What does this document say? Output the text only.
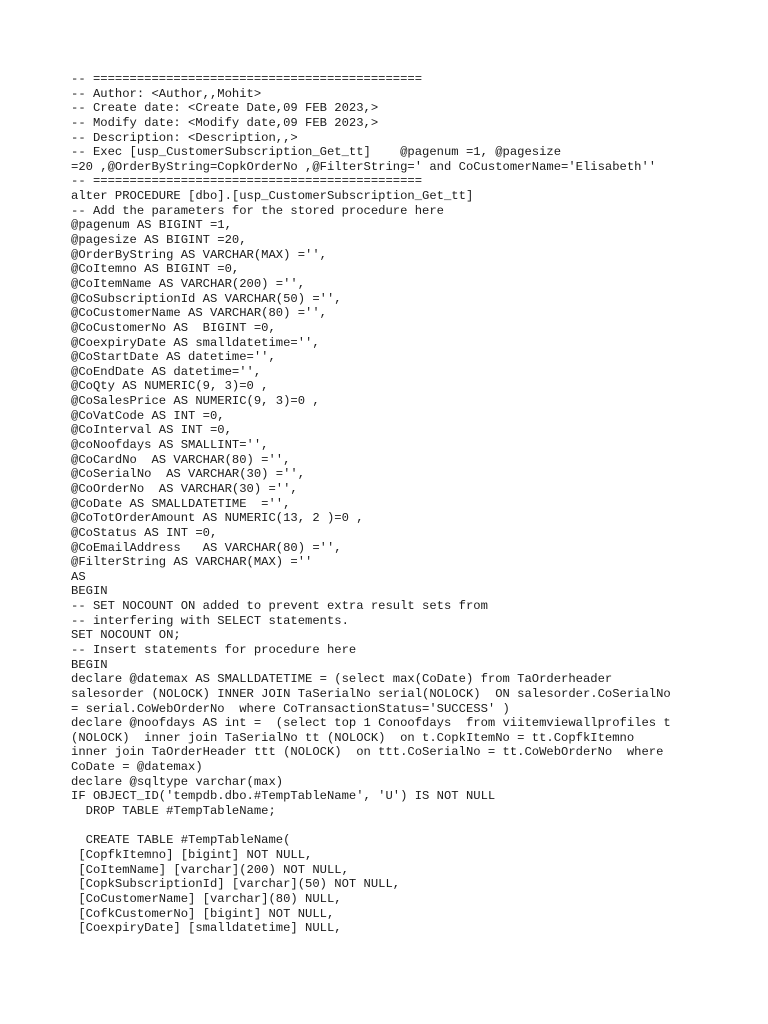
-- =============================================
-- Author: <Author,,Mohit>
-- Create date: <Create Date,09 FEB 2023,>
-- Modify date: <Modify date,09 FEB 2023,>
-- Description: <Description,,>
-- Exec [usp_CustomerSubscription_Get_tt]    @pagenum =1, @pagesize
=20 ,@OrderByString=CopkOrderNo ,@FilterString=' and CoCustomerName='Elisabeth''
-- =============================================
alter PROCEDURE [dbo].[usp_CustomerSubscription_Get_tt]
-- Add the parameters for the stored procedure here
@pagenum AS BIGINT =1,
@pagesize AS BIGINT =20,
@OrderByString AS VARCHAR(MAX) ='',
@CoItemno AS BIGINT =0,
@CoItemName AS VARCHAR(200) ='',
@CoSubscriptionId AS VARCHAR(50) ='',
@CoCustomerName AS VARCHAR(80) ='',
@CoCustomerNo AS  BIGINT =0,
@CoexpiryDate AS smalldatetime='',
@CoStartDate AS datetime='',
@CoEndDate AS datetime='',
@CoQty AS NUMERIC(9, 3)=0 ,
@CoSalesPrice AS NUMERIC(9, 3)=0 ,
@CoVatCode AS INT =0,
@CoInterval AS INT =0,
@coNoofdays AS SMALLINT='',
@CoCardNo  AS VARCHAR(80) ='',
@CoSerialNo  AS VARCHAR(30) ='',
@CoOrderNo  AS VARCHAR(30) ='',
@CoDate AS SMALLDATETIME  ='',
@CoTotOrderAmount AS NUMERIC(13, 2 )=0 ,
@CoStatus AS INT =0,
@CoEmailAddress   AS VARCHAR(80) ='',
@FilterString AS VARCHAR(MAX) =''
AS
BEGIN
-- SET NOCOUNT ON added to prevent extra result sets from
-- interfering with SELECT statements.
SET NOCOUNT ON;
-- Insert statements for procedure here
BEGIN
declare @datemax AS SMALLDATETIME = (select max(CoDate) from TaOrderheader
salesorder (NOLOCK) INNER JOIN TaSerialNo serial(NOLOCK)  ON salesorder.CoSerialNo
= serial.CoWebOrderNo  where CoTransactionStatus='SUCCESS' )
declare @noofdays AS int =  (select top 1 Conoofdays  from viitemviewallprofiles t
(NOLOCK)  inner join TaSerialNo tt (NOLOCK)  on t.CopkItemNo = tt.CopfkItemno
inner join TaOrderHeader ttt (NOLOCK)  on ttt.CoSerialNo = tt.CoWebOrderNo  where
CoDate = @datemax)
declare @sqltype varchar(max)
IF OBJECT_ID('tempdb.dbo.#TempTableName', 'U') IS NOT NULL
DROP TABLE #TempTableName;
CREATE TABLE #TempTableName(
[CopfkItemno] [bigint] NOT NULL,
[CoItemName] [varchar](200) NOT NULL,
[CopkSubscriptionId] [varchar](50) NOT NULL,
[CoCustomerName] [varchar](80) NULL,
[CofkCustomerNo] [bigint] NOT NULL,
[CoexpiryDate] [smalldatetime] NULL,
